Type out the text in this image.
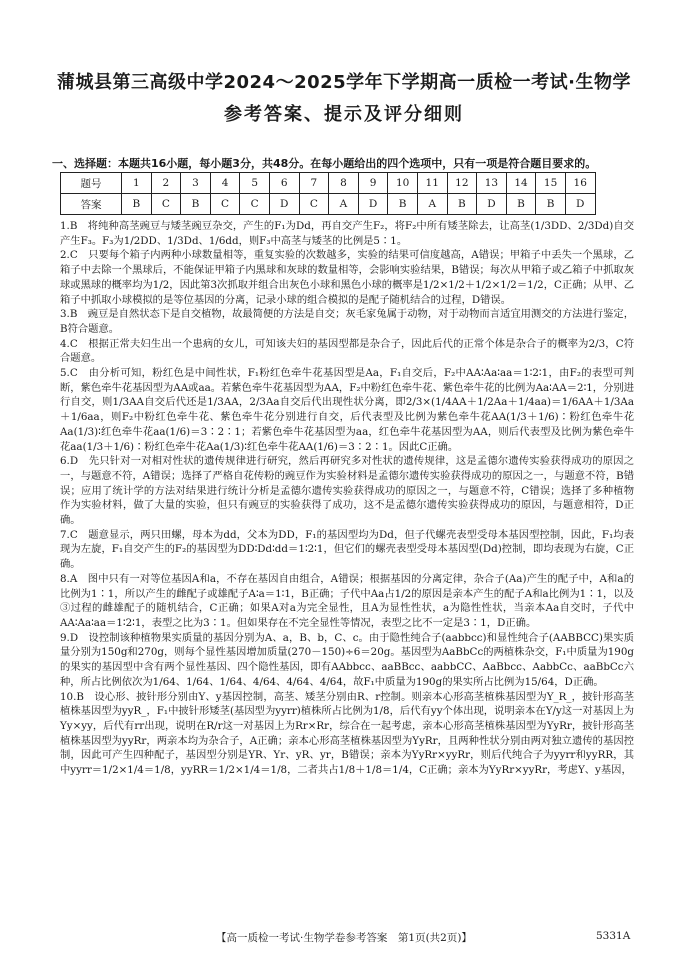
蒲城县第三高级中学2024～2025学年下学期高一质检一考试·生物学
参考答案、提示及评分细则
一、选择题：本题共16小题，每小题3分，共48分。在每小题给出的四个选项中，只有一项是符合题目要求的。
题号	1	2	3	4	5	6	7	8	9	10	11	12	13	14	15	16
答案	B	C	B	C	C	D	C	A	D	B	A	B	D	B	B	D

1.B　将纯种高茎豌豆与矮茎豌豆杂交，产生的F₁为Dd，再自交产生F₂，将F₂中所有矮茎除去，让高茎(1/3DD、2/3Dd)自交产生F₃。F₃为1/2DD、1/3Dd、1/6dd，则F₃中高茎与矮茎的比例是5∶1。

2.C　只要每个箱子内两种小球数量相等，重复实验的次数越多，实验的结果可信度越高，A错误；甲箱子中丢失一个黑球，乙箱子中去除一个黑球后，不能保证甲箱子内黑球和灰球的数量相等，会影响实验结果，B错误；每次从甲箱子或乙箱子中抓取灰球或黑球的概率均为1/2，因此第3次抓取并组合出灰色小球和黑色小球的概率是1/2×1/2＋1/2×1/2＝1/2，C正确；从甲、乙箱子中抓取小球模拟的是等位基因的分离，记录小球的组合模拟的是配子随机结合的过程，D错误。

3.B　豌豆是自然状态下是自交植物，故最简便的方法是自交；灰毛家兔属于动物，对于动物而言适宜用测交的方法进行鉴定，B符合题意。

4.C　根据正常夫妇生出一个患病的女儿，可知该夫妇的基因型都是杂合子，因此后代的正常个体是杂合子的概率为2/3，C符合题意。

5.C　由分析可知，粉红色是中间性状，F₁粉红色牵牛花基因型是Aa，F₁自交后，F₂中AA∶Aa∶aa＝1∶2∶1，由F₂的表型可判断，紫色牵牛花基因型为AA或aa。若紫色牵牛花基因型为AA，F₂中粉红色牵牛花、紫色牵牛花的比例为Aa∶AA＝2∶1，分别进行自交，则1/3AA自交后代还是1/3AA，2/3Aa自交后代出现性状分离，即2/3×(1/4AA＋1/2Aa＋1/4aa)＝1/6AA＋1/3Aa＋1/6aa，则F₂中粉红色牵牛花、紫色牵牛花分别进行自交，后代表型及比例为紫色牵牛花AA(1/3＋1/6)∶粉红色牵牛花Aa(1/3)∶红色牵牛花aa(1/6)＝3∶2∶1；若紫色牵牛花基因型为aa，红色牵牛花基因型为AA，则后代表型及比例为紫色牵牛花aa(1/3＋1/6)∶粉红色牵牛花Aa(1/3)∶红色牵牛花AA(1/6)＝3∶2∶1。因此C正确。

6.D　先只针对一对相对性状的遗传规律进行研究，然后再研究多对性状的遗传规律，这是孟德尔遗传实验获得成功的原因之一，与题意不符，A错误；选择了严格自花传粉的豌豆作为实验材料是孟德尔遗传实验获得成功的原因之一，与题意不符，B错误；应用了统计学的方法对结果进行统计分析是孟德尔遗传实验获得成功的原因之一，与题意不符，C错误；选择了多种植物作为实验材料，做了大量的实验，但只有豌豆的实验获得了成功，这不是孟德尔遗传实验获得成功的原因，与题意相符，D正确。

7.C　题意显示，两只田螺，母本为dd，父本为DD，F₁的基因型均为Dd，但子代螺壳表型受母本基因型控制，因此，F₁均表现为左旋，F₁自交产生的F₂的基因型为DD∶Dd∶dd＝1∶2∶1，但它们的螺壳表型受母本基因型(Dd)控制，即均表现为右旋，C正确。

8.A　图中只有一对等位基因A和a，不存在基因自由组合，A错误；根据基因的分离定律，杂合子(Aa)产生的配子中，A和a的比例为1∶1，所以产生的雌配子或雄配子A∶a＝1∶1，B正确；子代中Aa占1/2的原因是亲本产生的配子A和a比例为1∶1，以及③过程的雌雄配子的随机结合，C正确；如果A对a为完全显性，且A为显性性状，a为隐性性状，当亲本Aa自交时，子代中AA∶Aa∶aa＝1∶2∶1，表型之比为3∶1。但如果存在不完全显性等情况，表型之比不一定是3∶1，D正确。

9.D　设控制该种植物果实质量的基因分别为A、a，B、b，C、c。由于隐性纯合子(aabbcc)和显性纯合子(AABBCC)果实质量分别为150g和270g，则每个显性基因增加质量(270－150)÷6＝20g。基因型为AaBbCc的两植株杂交，F₁中质量为190g的果实的基因型中含有两个显性基因、四个隐性基因，即有AAbbcc、aaBBcc、aabbCC、AaBbcc、AabbCc、aaBbCc六种，所占比例依次为1/64、1/64、1/64、4/64、4/64、4/64，故F₁中质量为190g的果实所占比例为15/64，D正确。

10.B　设心形、披针形分别由Y、y基因控制，高茎、矮茎分别由R、r控制。则亲本心形高茎植株基因型为Y_R_，披针形高茎植株基因型为yyR_，F₁中披针形矮茎(基因型为yyrr)植株所占比例为1/8，后代有yy个体出现，说明亲本在Y/y这一对基因上为Yy×yy，后代有rr出现，说明在R/r这一对基因上为Rr×Rr，综合在一起考虑，亲本心形高茎植株基因型为YyRr，披针形高茎植株基因型为yyRr，两亲本均为杂合子，A正确；亲本心形高茎植株基因型为YyRr，且两种性状分别由两对独立遗传的基因控制，因此可产生四种配子，基因型分别是YR、Yr、yR、yr，B错误；亲本为YyRr×yyRr，则后代纯合子为yyrr和yyRR，其中yyrr＝1/2×1/4＝1/8，yyRR＝1/2×1/4＝1/8，二者共占1/8＋1/8＝1/4，C正确；亲本为YyRr×yyRr，考虑Y、y基因，

【高一质检一考试·生物学卷参考答案　第1页(共2页)】	5331A
